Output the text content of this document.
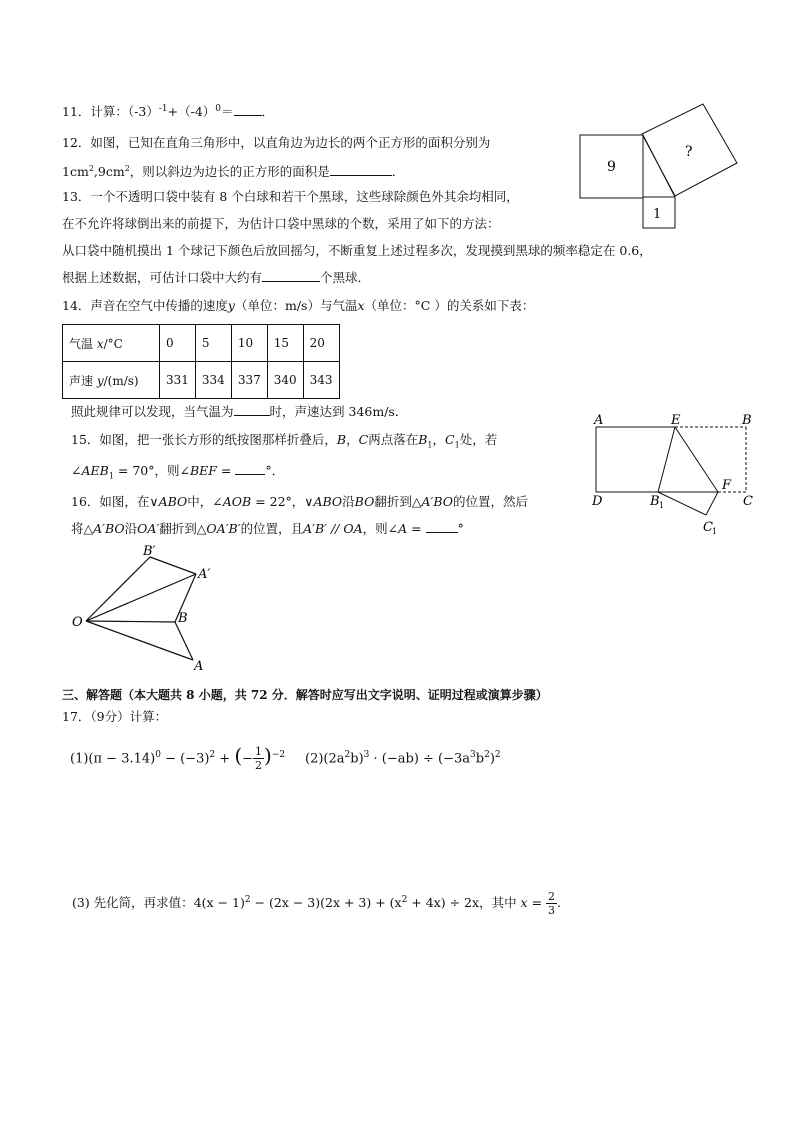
11．计算：$(-3)^{-1}+(-4)^0=$ ．
12．如图，已知在直角三角形中，以直角边为边长的两个正方形的面积分别为
$1cm^2,9cm^2$，则以斜边为边长的正方形的面积是	．	9
?
1
13．一个不透明口袋中装有 8 个白球和若干个黑球，这些球除颜色外其余均相同，
在不允许将球倒出来的前提下，为估计口袋中黑球的个数，采用了如下的方法：
从口袋中随机摸出 1 个球记下颜色后放回摇匀，不断重复上述过程多次，发现摸到黑球的频率稳定在 0.6，
根据上述数据，可估计口袋中大约有	个黑球．
14．声音在空气中传播的速度y（单位：m/s）与气温x（单位：°C ）的关系如下表：
气温 x/°C	0	5	10	15	20
声速 y/(m/s)	331	334	337	340	343
照此规律可以发现，当气温为	时，声速达到 346m/s．
15．如图，把一张长方形的纸按图那样折叠后，B，C两点落在$B_1$，$C_1$处，若
$\angle AEB_1 = 70^\circ$，则∠BEF = °．
A	E	B
D	B 1
F
C
C 1
16．如图，在∨ABO中，∠AOB = 22°，∨ABO沿BO翻折到△A′BO的位置，然后
将△A′BO沿OA′翻折到△OA′B′的位置，且A′B′ // OA，则∠A =	°
B′
A′
O	B
A
三、解答题（本大题共 8 小题，共 72 分．解答时应写出文字说明、证明过程或演算步骤）
17．（9分）计算：
$(1)(\pi - 3.14)^0 - (-3)^2$ + (− $\frac{1}{2} )^{-2}$ $(2)(2a^2b)^3 \cdot (-ab) \div (-3a^3b^2)^2$
(3) 先化简，再求值：$4(x - 1)^2 - (2x - 3)(2x + 3) + (x^2 + 4x) \div 2x$，其中 $x = \frac{2}{3}$ .
